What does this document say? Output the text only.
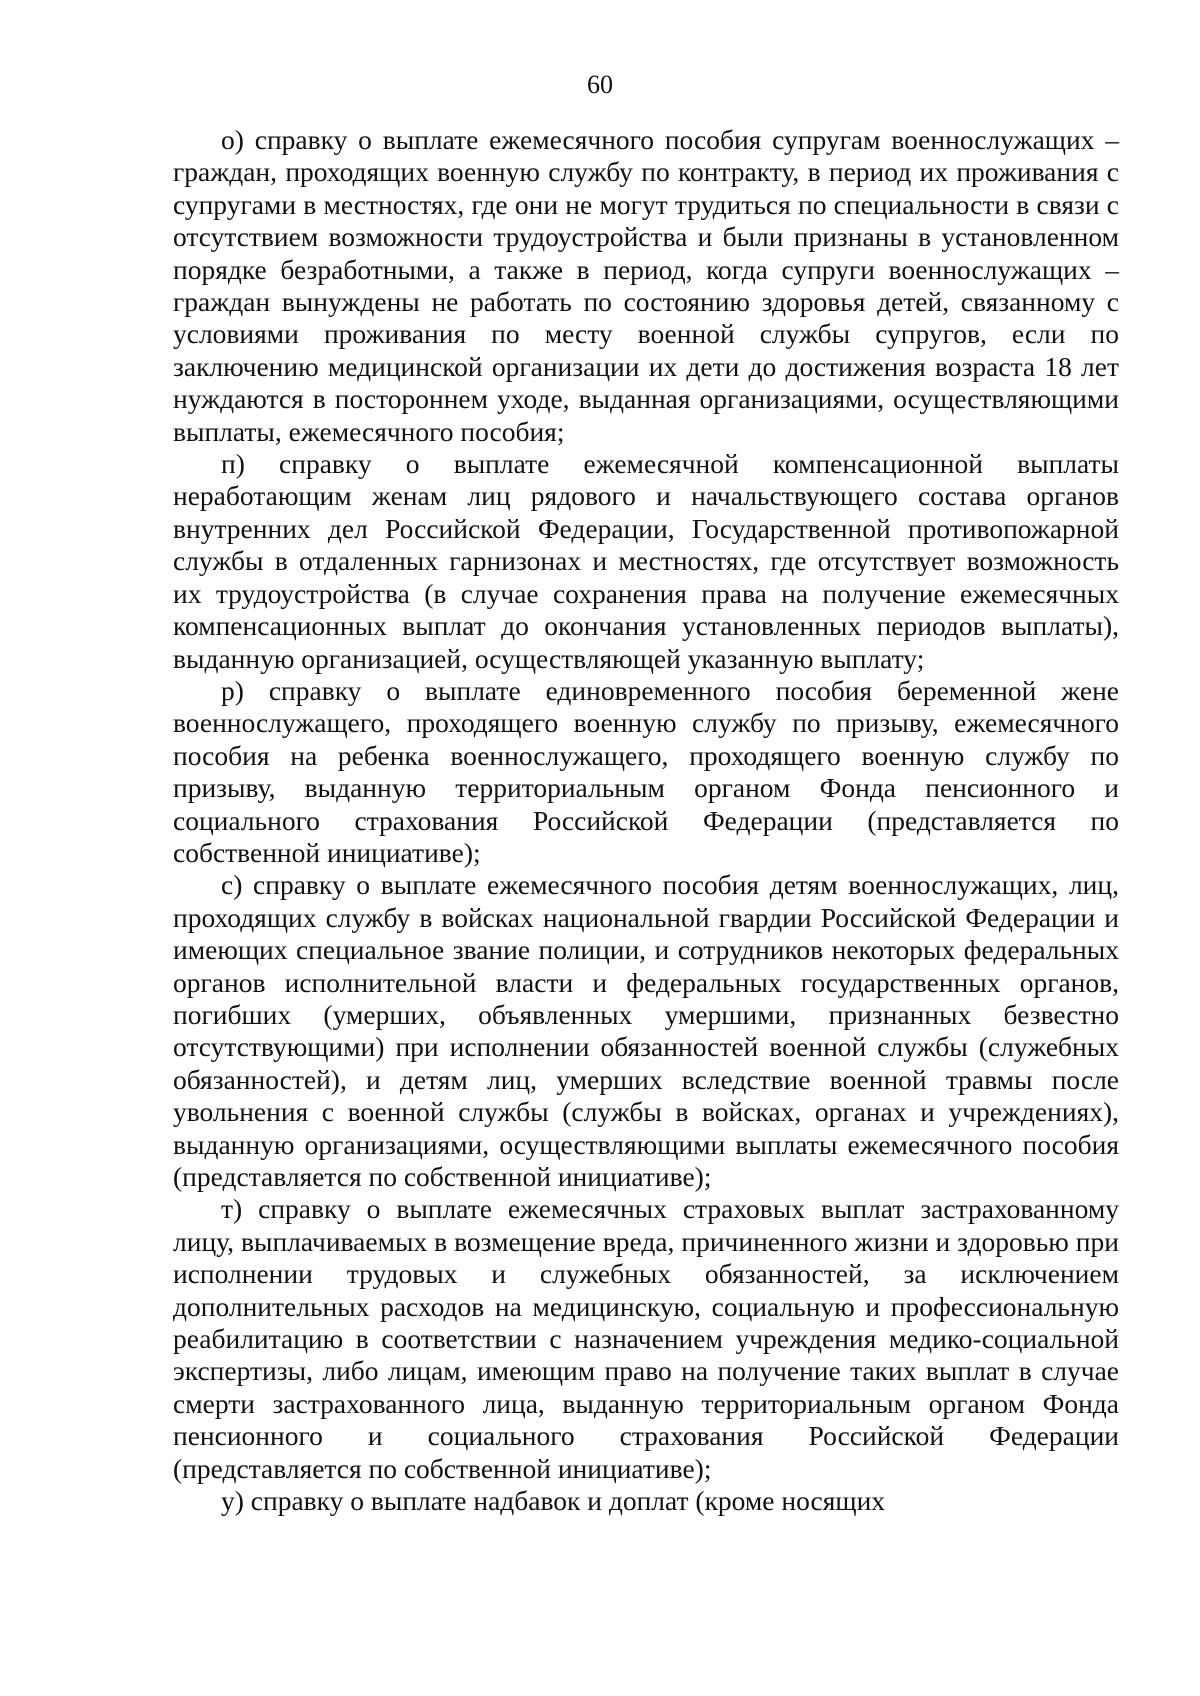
60

о) справку о выплате ежемесячного пособия супругам военнослужащих – граждан, проходящих военную службу по контракту, в период их проживания с супругами в местностях, где они не могут трудиться по специальности в связи с отсутствием возможности трудоустройства и были признаны в установленном порядке безработными, а также в период, когда супруги военнослужащих – граждан вынуждены не работать по состоянию здоровья детей, связанному с условиями проживания по месту военной службы супругов, если по заключению медицинской организации их дети до достижения возраста 18 лет нуждаются в постороннем уходе, выданная организациями, осуществляющими выплаты, ежемесячного пособия;

п) справку о выплате ежемесячной компенсационной выплаты неработающим женам лиц рядового и начальствующего состава органов внутренних дел Российской Федерации, Государственной противопожарной службы в отдаленных гарнизонах и местностях, где отсутствует возможность их трудоустройства (в случае сохранения права на получение ежемесячных компенсационных выплат до окончания установленных периодов выплаты), выданную организацией, осуществляющей указанную выплату;

р) справку о выплате единовременного пособия беременной жене военнослужащего, проходящего военную службу по призыву, ежемесячного пособия на ребенка военнослужащего, проходящего военную службу по призыву, выданную территориальным органом Фонда пенсионного и социального страхования Российской Федерации (представляется по собственной инициативе);

с) справку о выплате ежемесячного пособия детям военнослужащих, лиц, проходящих службу в войсках национальной гвардии Российской Федерации и имеющих специальное звание полиции, и сотрудников некоторых федеральных органов исполнительной власти и федеральных государственных органов, погибших (умерших, объявленных умершими, признанных безвестно отсутствующими) при исполнении обязанностей военной службы (служебных обязанностей), и детям лиц, умерших вследствие военной травмы после увольнения с военной службы (службы в войсках, органах и учреждениях), выданную организациями, осуществляющими выплаты ежемесячного пособия (представляется по собственной инициативе);

т) справку о выплате ежемесячных страховых выплат застрахованному лицу, выплачиваемых в возмещение вреда, причиненного жизни и здоровью при исполнении трудовых и служебных обязанностей, за исключением дополнительных расходов на медицинскую, социальную и профессиональную реабилитацию в соответствии с назначением учреждения медико-социальной экспертизы, либо лицам, имеющим право на получение таких выплат в случае смерти застрахованного лица, выданную территориальным органом Фонда пенсионного и социального страхования Российской Федерации (представляется по собственной инициативе);

у) справку о выплате надбавок и доплат (кроме носящих
